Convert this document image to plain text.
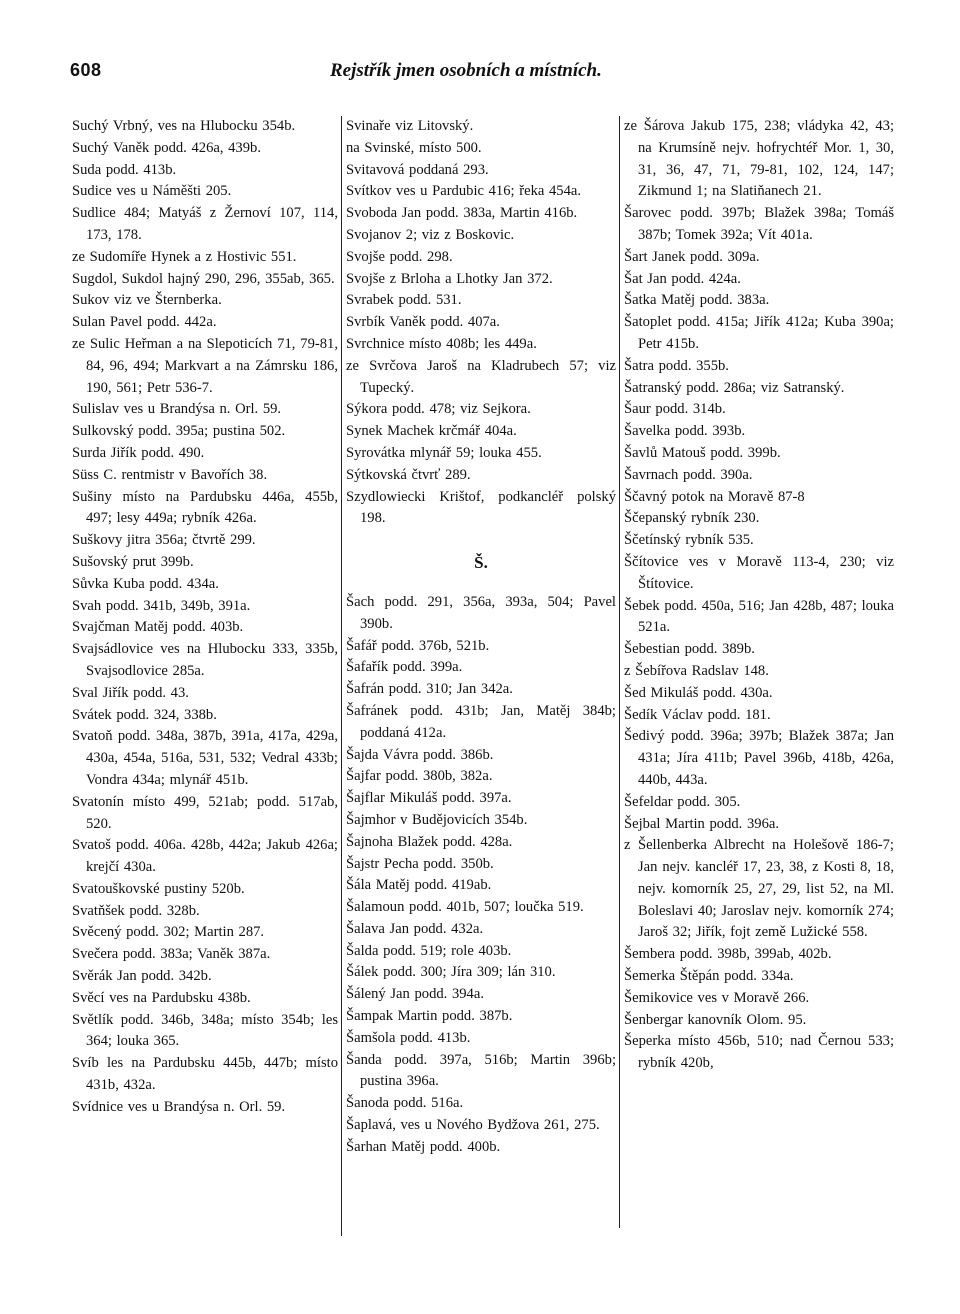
608	Rejstřík jmen osobních a místních.

Suchý Vrbný, ves na Hlubocku 354b.

Suchý Vaněk podd. 426a, 439b.

Suda podd. 413b.

Sudice ves u Náměšti 205.

Sudlice 484; Matyáš z Žernoví 107, 114, 173, 178.

ze Sudomíře Hynek a z Hostivic 551.

Sugdol, Sukdol hajný 290, 296, 355ab, 365.

Sukov viz ve Šternberka.

Sulan Pavel podd. 442a.

ze Sulic Heřman a na Slepoticích 71, 79-81, 84, 96, 494; Markvart a na Zámrsku 186, 190, 561; Petr 536-7.

Sulislav ves u Brandýsa n. Orl. 59.

Sulkovský podd. 395a; pustina 502.

Surda Jiřík podd. 490.

Süss C. rentmistr v Bavořích 38.

Sušiny místo na Pardubsku 446a, 455b, 497; lesy 449a; rybník 426a.

Suškovy jitra 356a; čtvrtě 299.

Sušovský prut 399b.

Sůvka Kuba podd. 434a.

Svah podd. 341b, 349b, 391a.

Svajčman Matěj podd. 403b.

Svajsádlovice ves na Hlubocku 333, 335b, Svajsodlovice 285a.

Sval Jiřík podd. 43.

Svátek podd. 324, 338b.

Svatoň podd. 348a, 387b, 391a, 417a, 429a, 430a, 454a, 516a, 531, 532; Vedral 433b; Vondra 434a; mlynář 451b.

Svatonín místo 499, 521ab; podd. 517ab, 520.

Svatoš podd. 406a. 428b, 442a; Jakub 426a; krejčí 430a.

Svatouškovské pustiny 520b.

Svatňšek podd. 328b.

Svěcený podd. 302; Martin 287.

Svečera podd. 383a; Vaněk 387a.

Svěrák Jan podd. 342b.

Svěcí ves na Pardubsku 438b.

Světlík podd. 346b, 348a; místo 354b; les 364; louka 365.

Svíb les na Pardubsku 445b, 447b; místo 431b, 432a.

Svídnice ves u Brandýsa n. Orl. 59.

Svinaře viz Litovský.

na Svinské, místo 500.

Svitavová poddaná 293.

Svítkov ves u Pardubic 416; řeka 454a.

Svoboda Jan podd. 383a, Martin 416b.

Svojanov 2; viz z Boskovic.

Svojše podd. 298.

Svojše z Brloha a Lhotky Jan 372.

Svrabek podd. 531.

Svrbík Vaněk podd. 407a.

Svrchnice místo 408b; les 449a.

ze Svrčova Jaroš na Kladrubech 57; viz Tupecký.

Sýkora podd. 478; viz Sejkora.

Synek Machek krčmář 404a.

Syrovátka mlynář 59; louka 455.

Sýtkovská čtvrť 289.

Szydlowiecki Krištof, podkancléř polský 198.

Š.

Šach podd. 291, 356a, 393a, 504; Pavel 390b.

Šafář podd. 376b, 521b.

Šafařík podd. 399a.

Šafrán podd. 310; Jan 342a.

Šafránek podd. 431b; Jan, Matěj 384b; poddaná 412a.

Šajda Vávra podd. 386b.

Šajfar podd. 380b, 382a.

Šajflar Mikuláš podd. 397a.

Šajmhor v Budějovicích 354b.

Šajnoha Blažek podd. 428a.

Šajstr Pecha podd. 350b.

Šála Matěj podd. 419ab.

Šalamoun podd. 401b, 507; loučka 519.

Šalava Jan podd. 432a.

Šalda podd. 519; role 403b.

Šálek podd. 300; Jíra 309; lán 310.

Šálený Jan podd. 394a.

Šampak Martin podd. 387b.

Šamšola podd. 413b.

Šanda podd. 397a, 516b; Martin 396b; pustina 396a.

Šanoda podd. 516a.

Šaplavá, ves u Nového Bydžova 261, 275.

Šarhan Matěj podd. 400b.

ze Šárova Jakub 175, 238; vládyka 42, 43; na Krumsíně nejv. hofrychtéř Mor. 1, 30, 31, 36, 47, 71, 79-81, 102, 124, 147; Zikmund 1; na Slatiňanech 21.

Šarovec podd. 397b; Blažek 398a; Tomáš 387b; Tomek 392a; Vít 401a.

Šart Janek podd. 309a.

Šat Jan podd. 424a.

Šatka Matěj podd. 383a.

Šatoplet podd. 415a; Jiřík 412a; Kuba 390a; Petr 415b.

Šatra podd. 355b.

Šatranský podd. 286a; viz Satranský.

Šaur podd. 314b.

Šavelka podd. 393b.

Šavlů Matouš podd. 399b.

Šavrnach podd. 390a.

Ščavný potok na Moravě 87-8

Ščepanský rybník 230.

Ščetínský rybník 535.

Ščítovice ves v Moravě 113-4, 230; viz Štítovice.

Šebek podd. 450a, 516; Jan 428b, 487; louka 521a.

Šebestian podd. 389b.

z Šebířova Radslav 148.

Šed Mikuláš podd. 430a.

Šedík Václav podd. 181.

Šedivý podd. 396a; 397b; Blažek 387a; Jan 431a; Jíra 411b; Pavel 396b, 418b, 426a, 440b, 443a.

Šefeldar podd. 305.

Šejbal Martin podd. 396a.

z Šellenberka Albrecht na Holešově 186-7; Jan nejv. kancléř 17, 23, 38, z Kosti 8, 18, nejv. komorník 25, 27, 29, list 52, na Ml. Boleslavi 40; Jaroslav nejv. komorník 274; Jaroš 32; Jiřík, fojt země Lužické 558.

Šembera podd. 398b, 399ab, 402b.

Šemerka Štěpán podd. 334a.

Šemikovice ves v Moravě 266.

Šenbergar kanovník Olom. 95.

Šeperka místo 456b, 510; nad Černou 533; rybník 420b,
